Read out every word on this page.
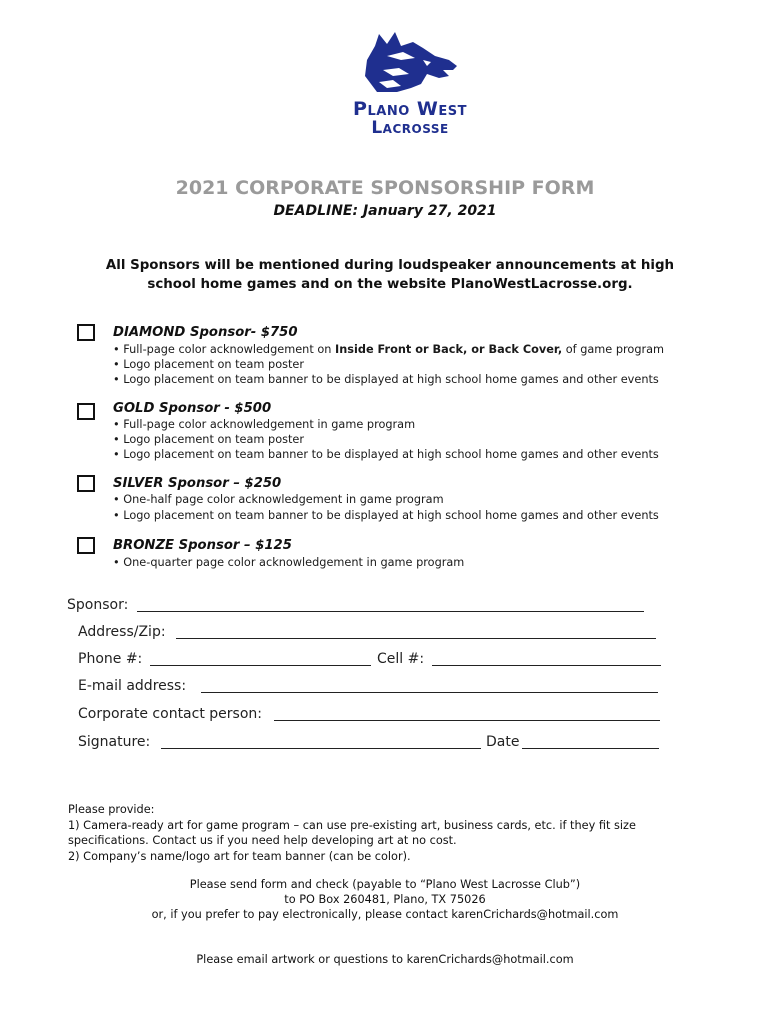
Plano West
Lacrosse
2021 CORPORATE SPONSORSHIP FORM
DEADLINE: January 27, 2021
All Sponsors will be mentioned during loudspeaker announcements at high
school home games and on the website PlanoWestLacrosse.org.
DIAMOND Sponsor- $750
• Full-page color acknowledgement on Inside Front or Back, or Back Cover, of game program
• Logo placement on team poster
• Logo placement on team banner to be displayed at high school home games and other events
GOLD Sponsor - $500
• Full-page color acknowledgement in game program
• Logo placement on team poster
• Logo placement on team banner to be displayed at high school home games and other events
SILVER Sponsor – $250
• One-half page color acknowledgement in game program
• Logo placement on team banner to be displayed at high school home games and other events
BRONZE Sponsor – $125
• One-quarter page color acknowledgement in game program
Sponsor:
Address/Zip:
Phone #:	Cell #:
E-mail address:
Corporate contact person:
Signature:	Date
Please provide:
1) Camera-ready art for game program – can use pre-existing art, business cards, etc. if they fit size
specifications. Contact us if you need help developing art at no cost.
2) Company’s name/logo art for team banner (can be color).
Please send form and check (payable to “Plano West Lacrosse Club”)
to PO Box 260481, Plano, TX 75026
or, if you prefer to pay electronically, please contact karenCrichards@hotmail.com
Please email artwork or questions to karenCrichards@hotmail.com
